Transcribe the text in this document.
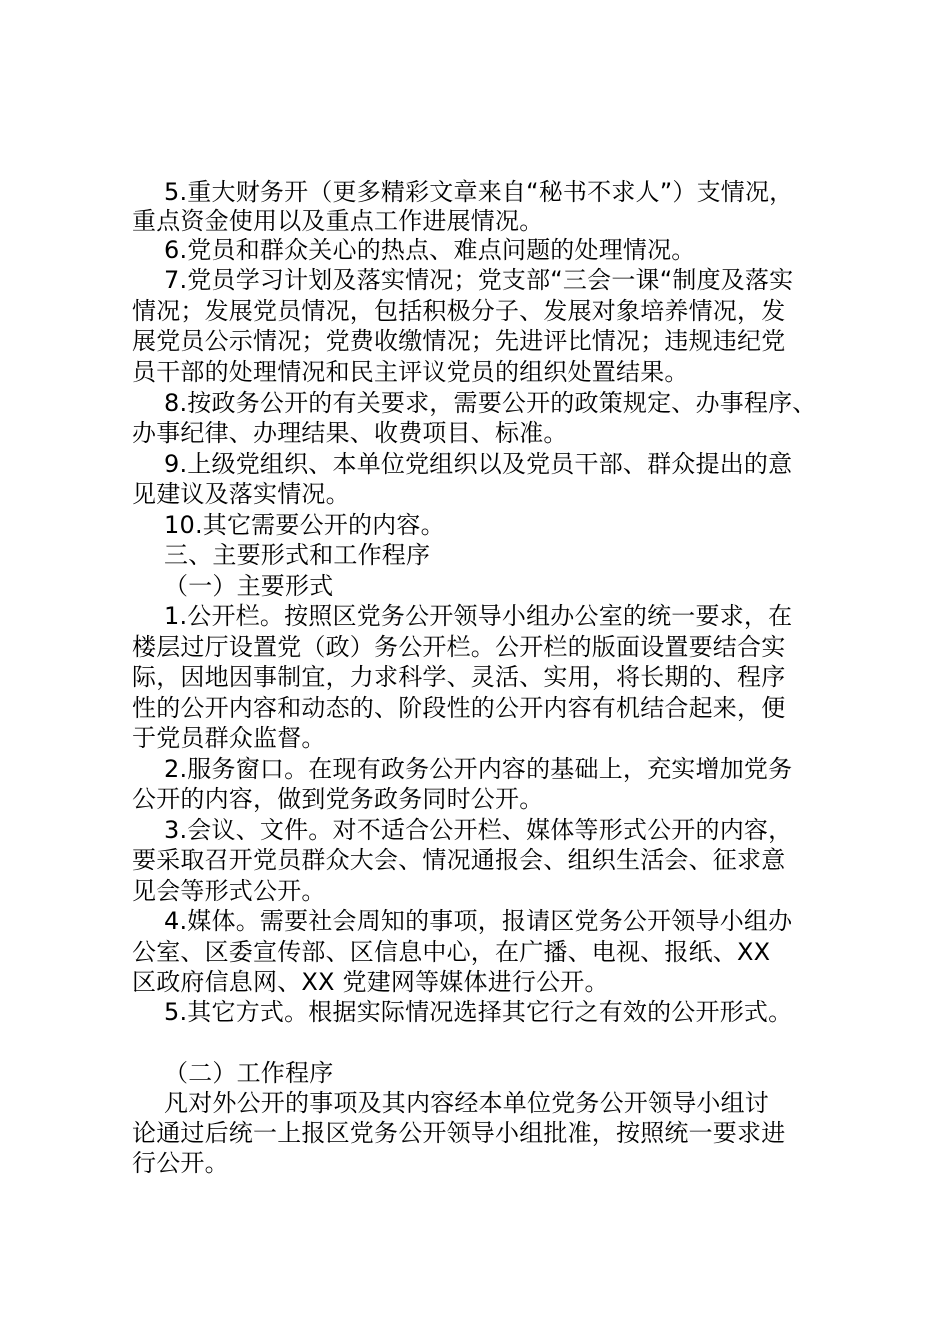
5.重大财务开（更多精彩文章来自“秘书不求人”）支情况，
重点资金使用以及重点工作进展情况。
6.党员和群众关心的热点、难点问题的处理情况。
7.党员学习计划及落实情况；党支部“三会一课“制度及落实
情况；发展党员情况，包括积极分子、发展对象培养情况，发
展党员公示情况；党费收缴情况；先进评比情况；违规违纪党
员干部的处理情况和民主评议党员的组织处置结果。
8.按政务公开的有关要求，需要公开的政策规定、办事程序、
办事纪律、办理结果、收费项目、标准。
9.上级党组织、本单位党组织以及党员干部、群众提出的意
见建议及落实情况。
10.其它需要公开的内容。
三、主要形式和工作程序
（一）主要形式
1.公开栏。按照区党务公开领导小组办公室的统一要求，在
楼层过厅设置党（政）务公开栏。公开栏的版面设置要结合实
际，因地因事制宜，力求科学、灵活、实用，将长期的、程序
性的公开内容和动态的、阶段性的公开内容有机结合起来，便
于党员群众监督。
2.服务窗口。在现有政务公开内容的基础上，充实增加党务
公开的内容，做到党务政务同时公开。
3.会议、文件。对不适合公开栏、媒体等形式公开的内容，
要采取召开党员群众大会、情况通报会、组织生活会、征求意
见会等形式公开。
4.媒体。需要社会周知的事项，报请区党务公开领导小组办
公室、区委宣传部、区信息中心，在广播、电视、报纸、XX
区政府信息网、XX 党建网等媒体进行公开。
5.其它方式。根据实际情况选择其它行之有效的公开形式。
（二）工作程序
凡对外公开的事项及其内容经本单位党务公开领导小组讨
论通过后统一上报区党务公开领导小组批准，按照统一要求进
行公开。
